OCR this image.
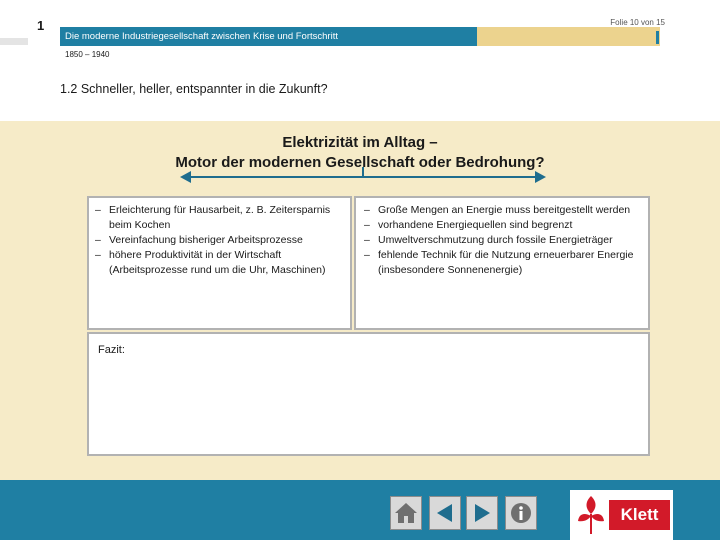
1	Folie 10 von 15
Die moderne Industriegesellschaft zwischen Krise und Fortschritt
1850 – 1940
1.2 Schneller, heller, entspannter in die Zukunft?
Elektrizität im Alltag –
Motor der modernen Gesellschaft oder Bedrohung?
– Erleichterung für Hausarbeit, z. B. Zeitersparnis beim Kochen
– Vereinfachung bisheriger Arbeitsprozesse
– höhere Produktivität in der Wirtschaft (Arbeitsprozesse rund um die Uhr, Maschinen)
– Große Mengen an Energie muss bereitgestellt werden
– vorhandene Energiequellen sind begrenzt
– Umweltverschmutzung durch fossile Energieträger
– fehlende Technik für die Nutzung erneuerbarer Energie (insbesondere Sonnenenergie)
Fazit:
Klett
